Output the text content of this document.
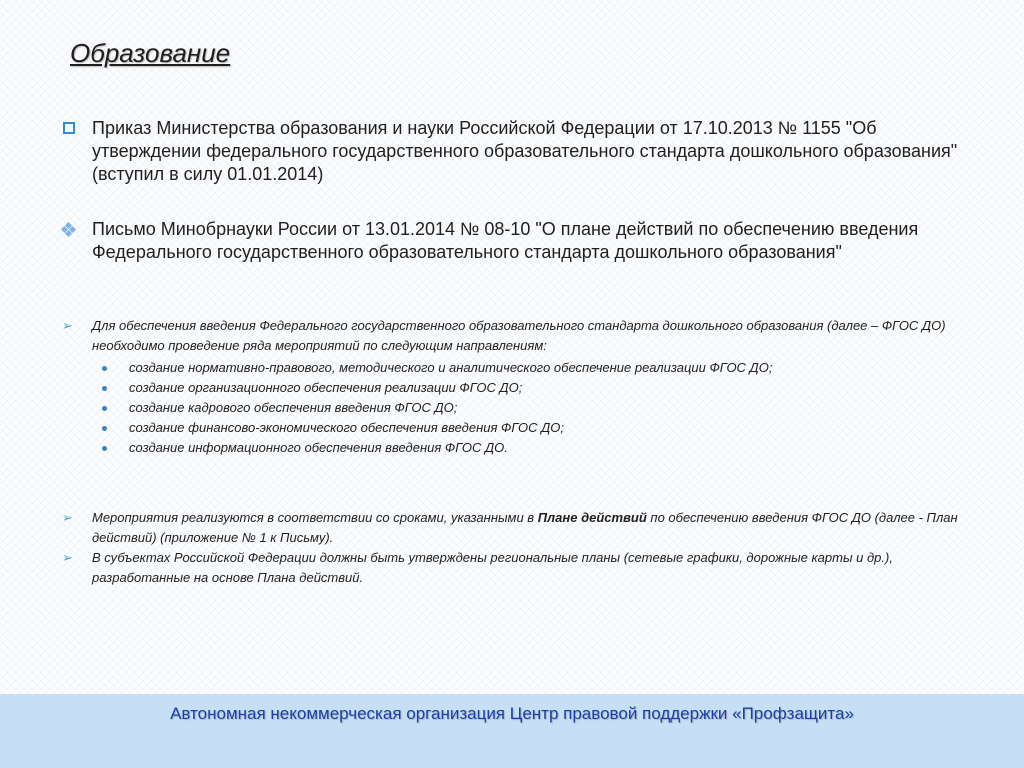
Образование
Приказ Министерства образования и науки Российской Федерации от 17.10.2013 № 1155 "Об утверждении федерального государственного образовательного стандарта дошкольного образования" (вступил в силу 01.01.2014)
Письмо Минобрнауки России от 13.01.2014 № 08-10 "О плане действий по обеспечению введения Федерального государственного образовательного стандарта дошкольного образования"
➢	Для обеспечения введения Федерального государственного образовательного стандарта дошкольного образования (далее – ФГОС ДО) необходимо проведение ряда мероприятий по следующим направлениям:
создание нормативно-правового, методического и аналитического обеспечение реализации ФГОС ДО;
создание организационного обеспечения реализации ФГОС ДО;
создание кадрового обеспечения введения ФГОС ДО;
создание финансово-экономического обеспечения введения ФГОС ДО;
создание информационного обеспечения введения ФГОС ДО.
➢	Мероприятия реализуются в соответствии со сроками, указанными в Плане действий по обеспечению введения ФГОС ДО (далее - План действий) (приложение № 1 к Письму).
➢	В субъектах Российской Федерации должны быть утверждены региональные планы (сетевые графики, дорожные карты и др.), разработанные на основе Плана действий.
Автономная некоммерческая организация Центр правовой поддержки «Профзащита»
